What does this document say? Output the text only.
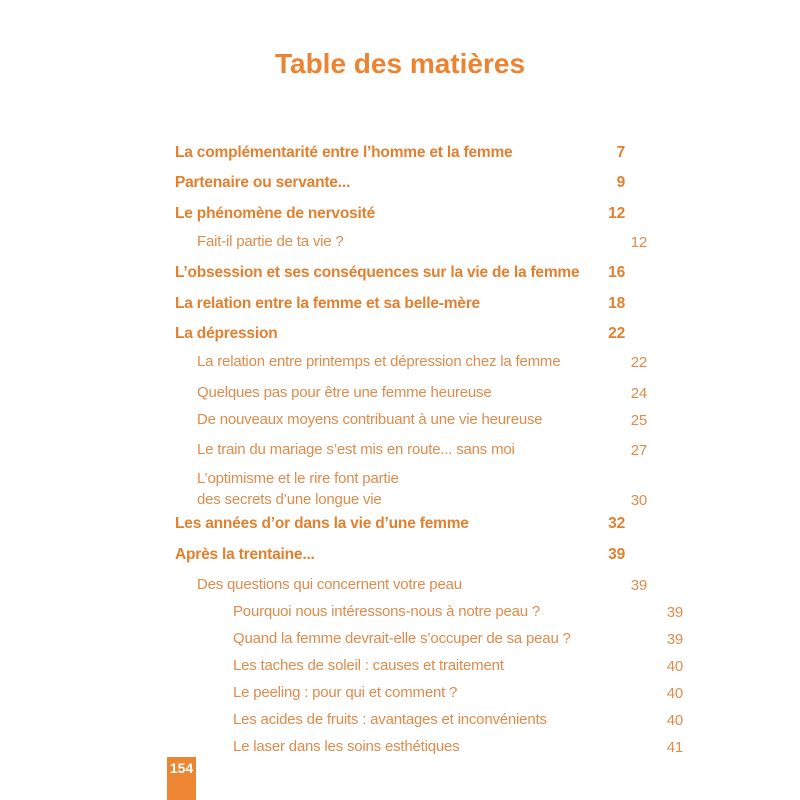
Table des matières
La complémentarité entre l’homme et la femme	7
Partenaire ou servante...	9
Le phénomène de nervosité	12
Fait-il partie de ta vie ?	12
L’obsession et ses conséquences sur la vie de la femme	16
La relation entre la femme et sa belle-mère	18
La dépression	22
La relation entre printemps et dépression chez la femme	22
Quelques pas pour être une femme heureuse	24
De nouveaux moyens contribuant à une vie heureuse	25
Le train du mariage s’est mis en route... sans moi	27
L’optimisme et le rire font partie
des secrets d’une longue vie	30
Les années d’or dans la vie d’une femme	32
Après la trentaine...	39
Des questions qui concernent votre peau	39
Pourquoi nous intéressons-nous à notre peau ?	39
Quand la femme devrait-elle s’occuper de sa peau ?	39
Les taches de soleil : causes et traitement	40
Le peeling : pour qui et comment ?	40
Les acides de fruits : avantages et inconvénients	40
Le laser dans les soins esthétiques	41
154
